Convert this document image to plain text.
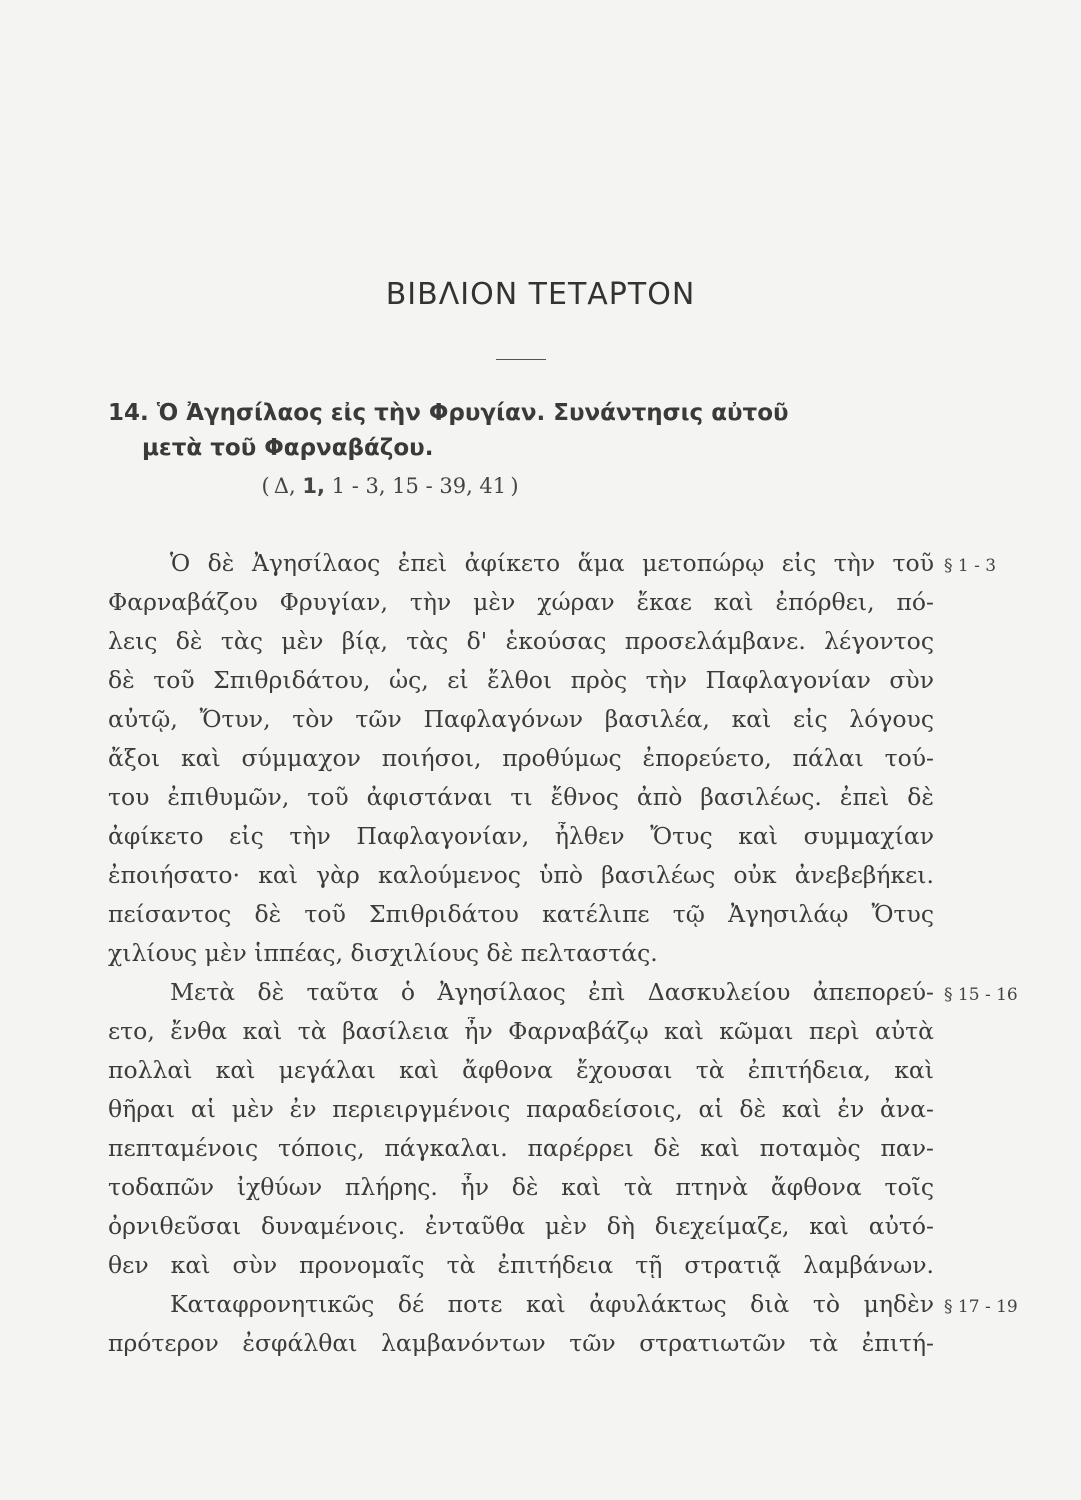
ΒΙΒΛΙΟΝ ΤΕΤΑΡΤΟΝ
14. Ὁ Ἀγησίλαος εἰς τὴν Φρυγίαν. Συνάντησις αὐτοῦ
μετὰ τοῦ Φαρναβάζου.
( Δ, 1, 1 - 3, 15 - 39, 41 )
Ὁ δὲ Ἀγησίλαος ἐπεὶ ἀφίκετο ἅμα μετοπώρῳ εἰς τὴν τοῦ
Φαρναβάζου Φρυγίαν, τὴν μὲν χώραν ἔκαε καὶ ἐπόρθει, πό-
λεις δὲ τὰς μὲν βίᾳ, τὰς δ' ἑκούσας προσελάμβανε. λέγοντος
δὲ τοῦ Σπιθριδάτου, ὡς, εἰ ἔλθοι πρὸς τὴν Παφλαγονίαν σὺν
αὐτῷ, Ὄτυν, τὸν τῶν Παφλαγόνων βασιλέα, καὶ εἰς λόγους
ἄξοι καὶ σύμμαχον ποιήσοι, προθύμως ἐπορεύετο, πάλαι τού-
του ἐπιθυμῶν, τοῦ ἀφιστάναι τι ἔθνος ἀπὸ βασιλέως. ἐπεὶ δὲ
ἀφίκετο εἰς τὴν Παφλαγονίαν, ἦλθεν Ὄτυς καὶ συμμαχίαν
ἐποιήσατο· καὶ γὰρ καλούμενος ὑπὸ βασιλέως οὐκ ἀνεβεβήκει.
πείσαντος δὲ τοῦ Σπιθριδάτου κατέλιπε τῷ Ἀγησιλάῳ Ὄτυς
χιλίους μὲν ἱππέας, δισχιλίους δὲ πελταστάς.
Μετὰ δὲ ταῦτα ὁ Ἀγησίλαος ἐπὶ Δασκυλείου ἀπεπορεύ-
ετο, ἔνθα καὶ τὰ βασίλεια ἦν Φαρναβάζῳ καὶ κῶμαι περὶ αὐτὰ
πολλαὶ καὶ μεγάλαι καὶ ἄφθονα ἔχουσαι τὰ ἐπιτήδεια, καὶ
θῆραι αἱ μὲν ἐν περιειργμένοις παραδείσοις, αἱ δὲ καὶ ἐν ἀνα-
πεπταμένοις τόποις, πάγκαλαι. παρέρρει δὲ καὶ ποταμὸς παν-
τοδαπῶν ἰχθύων πλήρης. ἦν δὲ καὶ τὰ πτηνὰ ἄφθονα τοῖς
ὀρνιθεῦσαι δυναμένοις. ἐνταῦθα μὲν δὴ διεχείμαζε, καὶ αὐτό-
θεν καὶ σὺν προνομαῖς τὰ ἐπιτήδεια τῇ στρατιᾷ λαμβάνων.
Καταφρονητικῶς δέ ποτε καὶ ἀφυλάκτως διὰ τὸ μηδὲν
πρότερον ἐσφάλθαι λαμβανόντων τῶν στρατιωτῶν τὰ ἐπιτή-
§ 1 - 3
§ 15 - 16
§ 17 - 19
